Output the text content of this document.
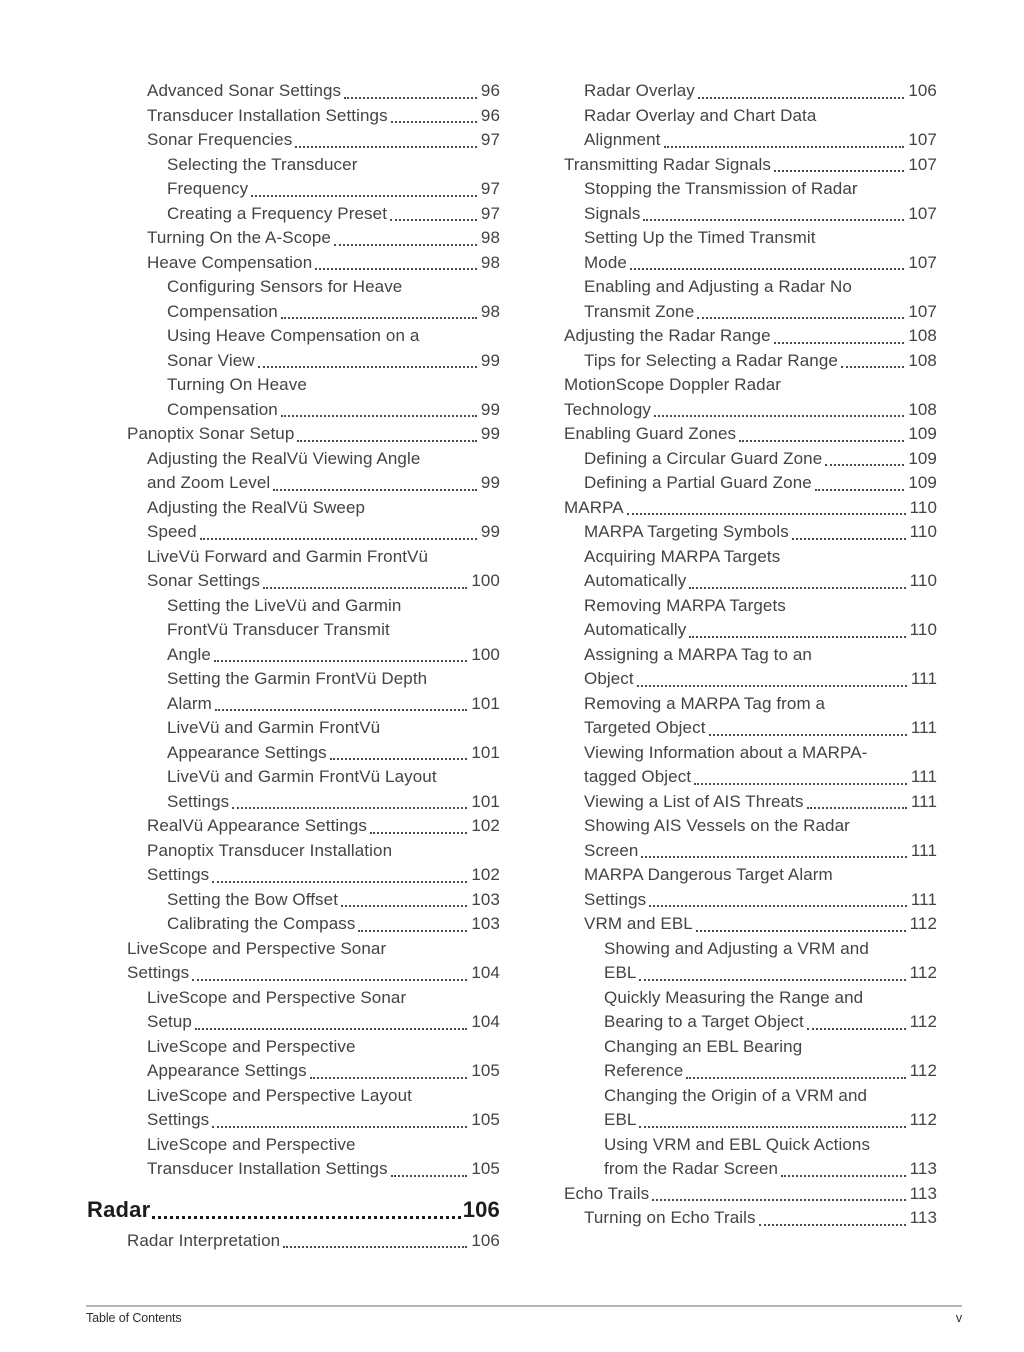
Advanced Sonar Settings	96
Transducer Installation Settings	96
Sonar Frequencies	97
Selecting the Transducer
Frequency	97
Creating a Frequency Preset	97
Turning On the A-Scope	98
Heave Compensation	98
Configuring Sensors for Heave
Compensation	98
Using Heave Compensation on a
Sonar View	99
Turning On Heave
Compensation	99
Panoptix Sonar Setup	99
Adjusting the RealVü Viewing Angle
and Zoom Level	99
Adjusting the RealVü Sweep
Speed	99
LiveVü Forward and Garmin FrontVü
Sonar Settings	100
Setting the LiveVü and Garmin
FrontVü Transducer Transmit
Angle	100
Setting the Garmin FrontVü Depth
Alarm	101
LiveVü and Garmin FrontVü
Appearance Settings	101
LiveVü and Garmin FrontVü Layout
Settings	101
RealVü Appearance Settings	102
Panoptix Transducer Installation
Settings	102
Setting the Bow Offset	103
Calibrating the Compass	103
LiveScope and Perspective Sonar
Settings	104
LiveScope and Perspective Sonar
Setup	104
LiveScope and Perspective
Appearance Settings	105
LiveScope and Perspective Layout
Settings	105
LiveScope and Perspective
Transducer Installation Settings	105
Radar	106
Radar Interpretation	106
Radar Overlay	106
Radar Overlay and Chart Data
Alignment	107
Transmitting Radar Signals	107
Stopping the Transmission of Radar
Signals	107
Setting Up the Timed Transmit
Mode	107
Enabling and Adjusting a Radar No
Transmit Zone	107
Adjusting the Radar Range	108
Tips for Selecting a Radar Range	108
MotionScope Doppler Radar
Technology	108
Enabling Guard Zones	109
Defining a Circular Guard Zone	109
Defining a Partial Guard Zone	109
MARPA	110
MARPA Targeting Symbols	110
Acquiring MARPA Targets
Automatically	110
Removing MARPA Targets
Automatically	110
Assigning a MARPA Tag to an
Object	111
Removing a MARPA Tag from a
Targeted Object	111
Viewing Information about a MARPA-
tagged Object	111
Viewing a List of AIS Threats	111
Showing AIS Vessels on the Radar
Screen	111
MARPA Dangerous Target Alarm
Settings	111
VRM and EBL	112
Showing and Adjusting a VRM and
EBL	112
Quickly Measuring the Range and
Bearing to a Target Object	112
Changing an EBL Bearing
Reference	112
Changing the Origin of a VRM and
EBL	112
Using VRM and EBL Quick Actions
from the Radar Screen	113
Echo Trails	113
Turning on Echo Trails	113
Table of Contents	v
